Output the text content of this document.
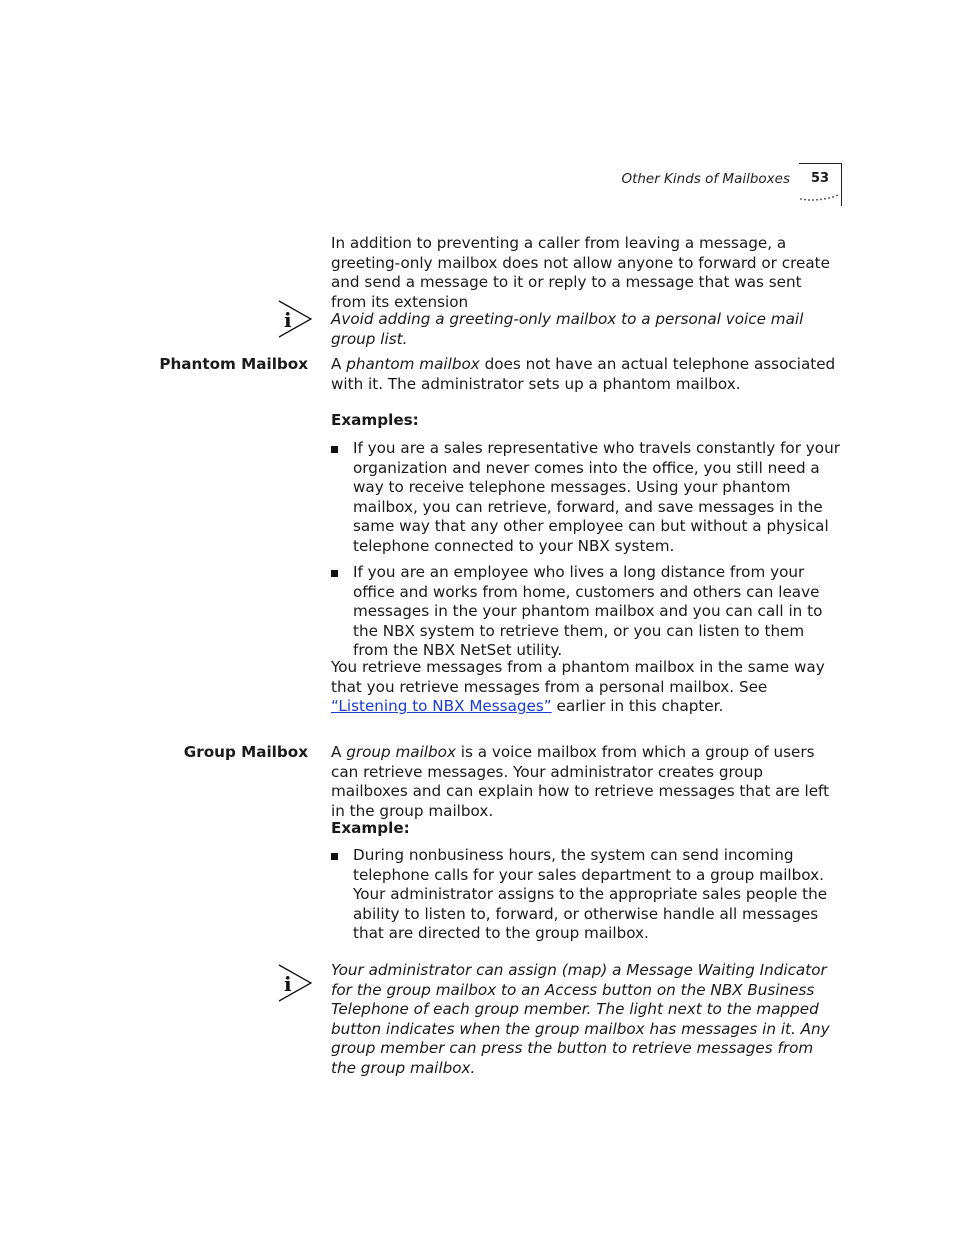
Other Kinds of Mailboxes	53

In addition to preventing a caller from leaving a message, a greeting-only mailbox does not allow anyone to forward or create and send a message to it or reply to a message that was sent from its extension

i	Avoid adding a greeting-only mailbox to a personal voice mail group list.

Phantom Mailbox A phantom mailbox does not have an actual telephone associated with it. The administrator sets up a phantom mailbox.

Examples:
If you are a sales representative who travels constantly for your organization and never comes into the office, you still need a way to receive telephone messages. Using your phantom mailbox, you can retrieve, forward, and save messages in the same way that any other employee can but without a physical telephone connected to your NBX system.
If you are an employee who lives a long distance from your office and works from home, customers and others can leave messages in the your phantom mailbox and you can call in to the NBX system to retrieve them, or you can listen to them from the NBX NetSet utility.

You retrieve messages from a phantom mailbox in the same way that you retrieve messages from a personal mailbox. See “Listening to NBX Messages” earlier in this chapter.

Group Mailbox A group mailbox is a voice mailbox from which a group of users can retrieve messages. Your administrator creates group mailboxes and can explain how to retrieve messages that are left in the group mailbox.

Example:
During nonbusiness hours, the system can send incoming telephone calls for your sales department to a group mailbox. Your administrator assigns to the appropriate sales people the ability to listen to, forward, or otherwise handle all messages that are directed to the group mailbox.
i

Your administrator can assign (map) a Message Waiting Indicator for the group mailbox to an Access button on the NBX Business Telephone of each group member. The light next to the mapped button indicates when the group mailbox has messages in it. Any group member can press the button to retrieve messages from the group mailbox.
